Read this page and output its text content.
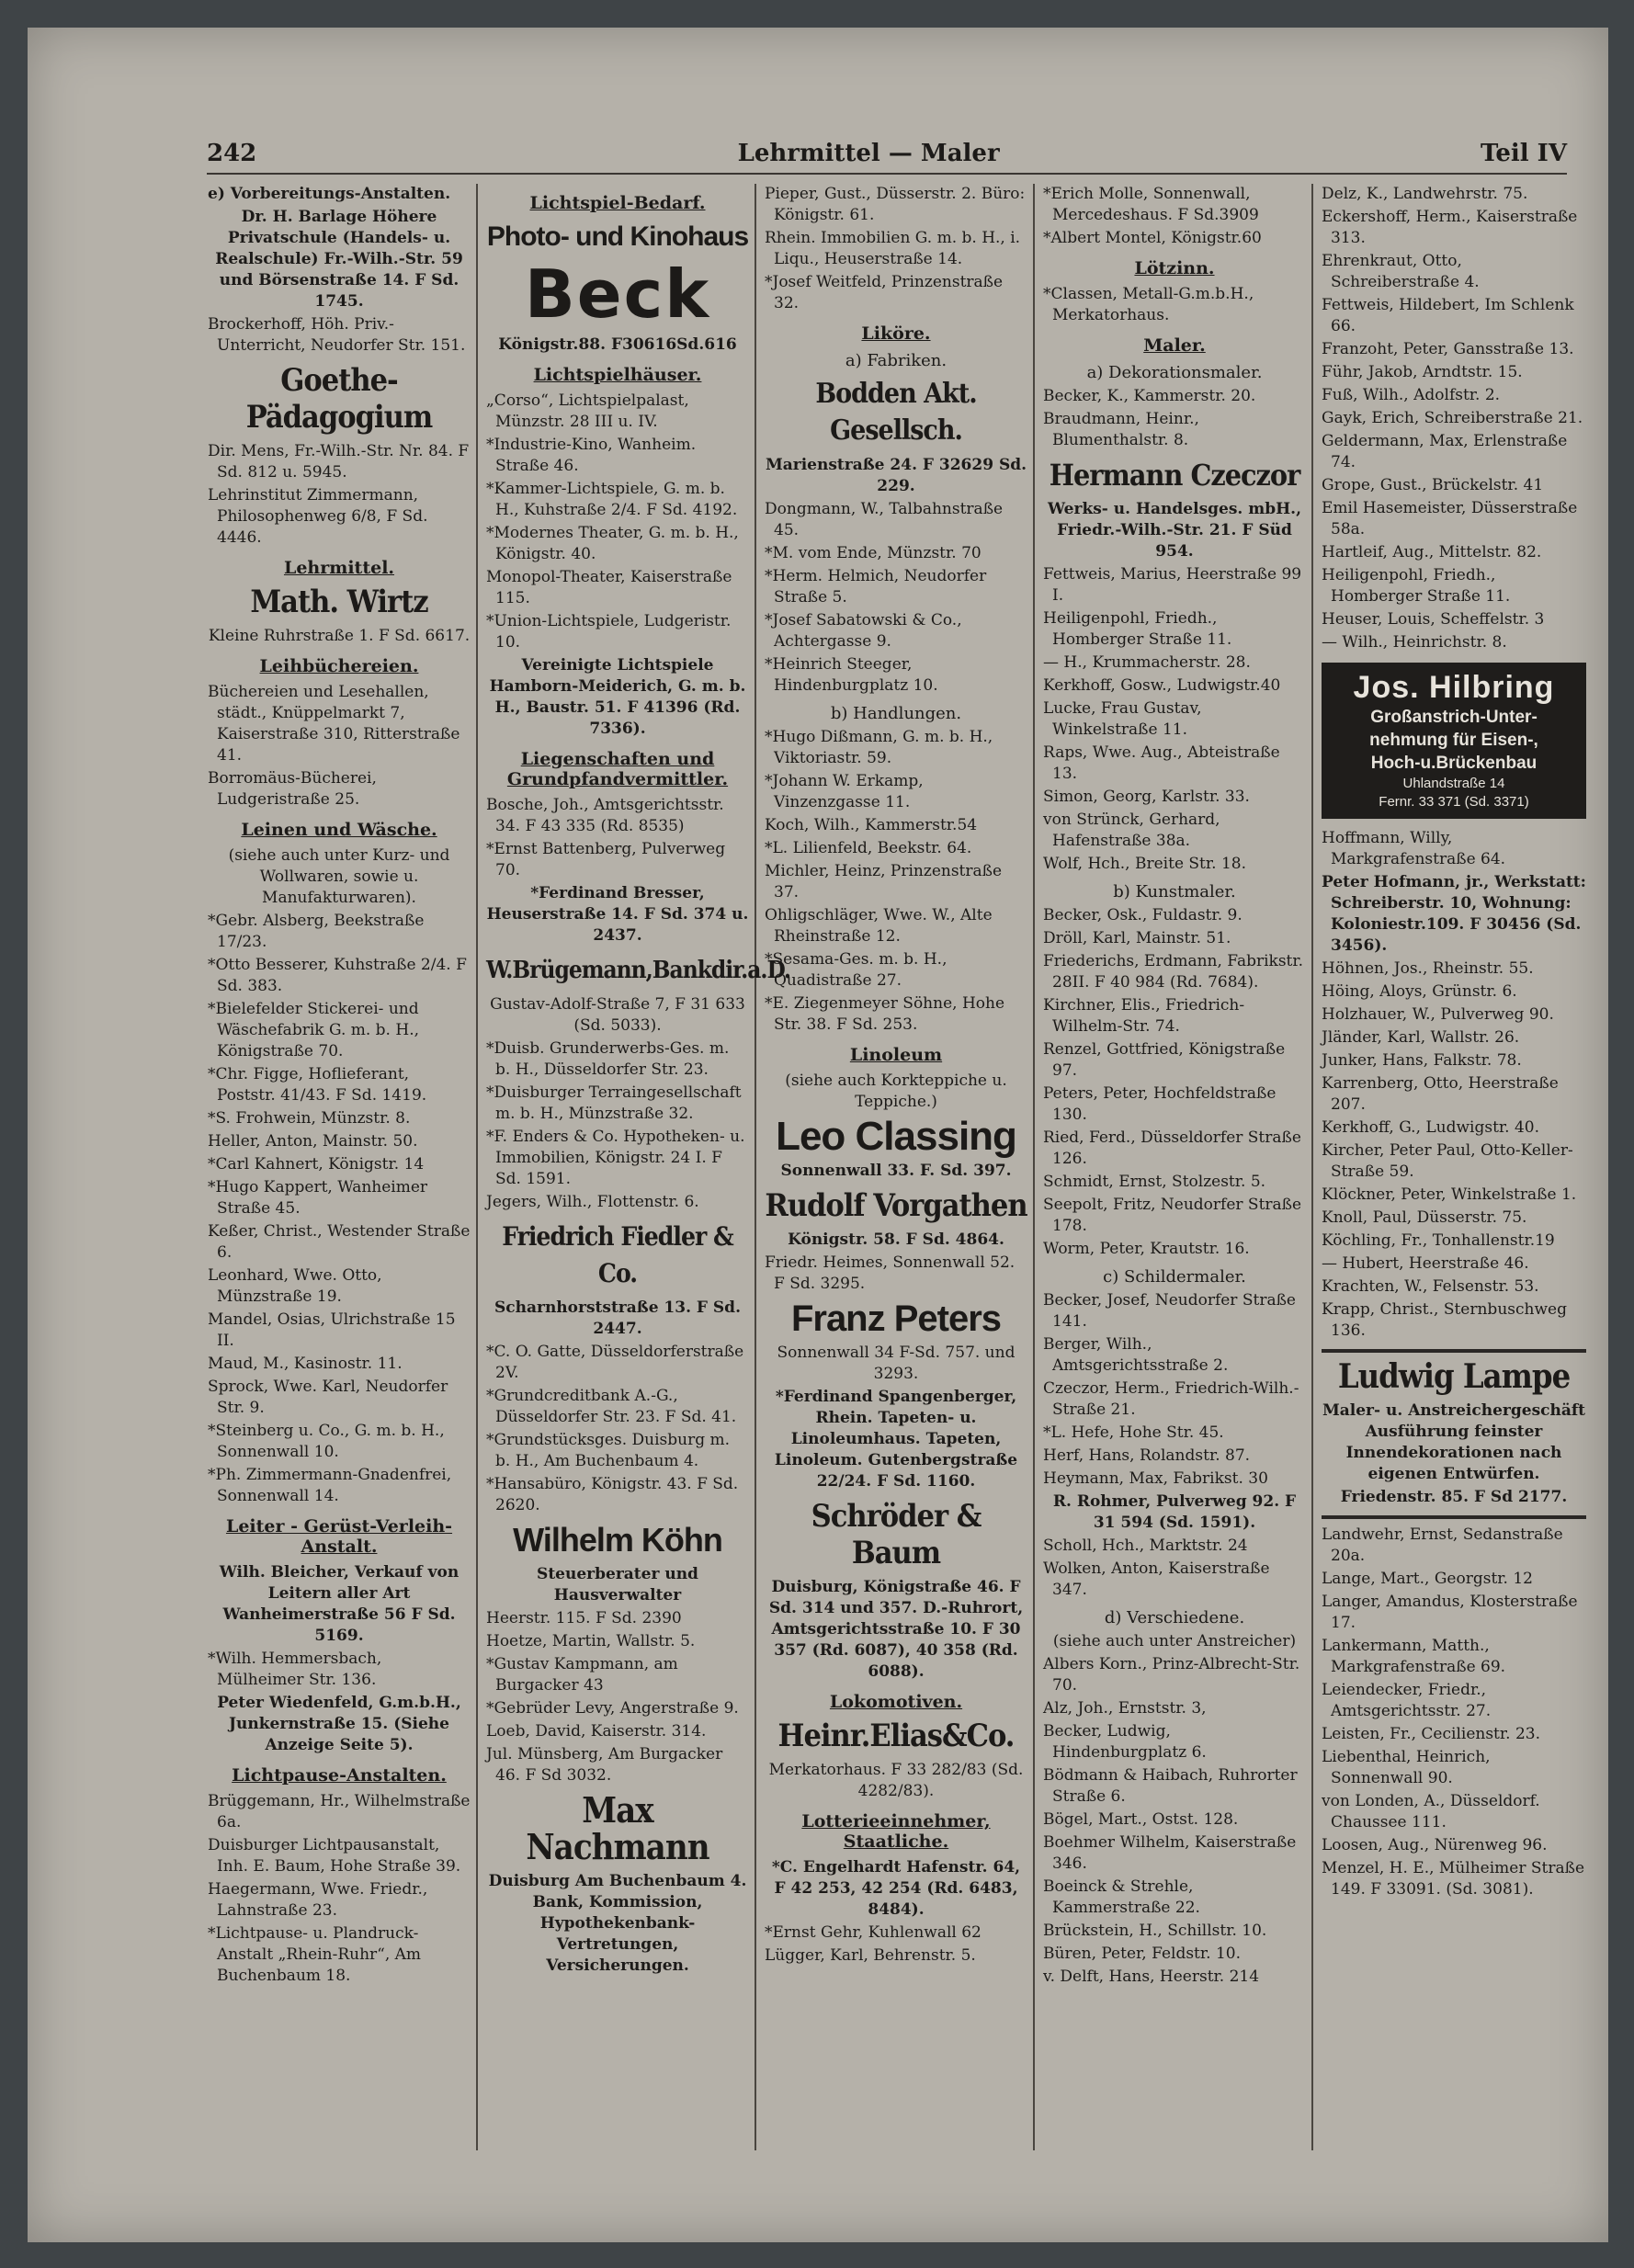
242	Lehrmittel — Maler	Teil IV
e) Vorbereitungs-Anstalten.
Dr. H. Barlage Höhere Privatschule (Handels- u. Realschule) Fr.-Wilh.-Str. 59 und Börsenstraße 14. F Sd. 1745.
Brockerhoff, Höh. Priv.-Unterricht, Neudorfer Str. 151.
Goethe-Pädagogium
Dir. Mens, Fr.-Wilh.-Str. Nr. 84. F Sd. 812 u. 5945.
Lehrinstitut Zimmermann, Philosophenweg 6/8, F Sd. 4446.
Lehrmittel.
Math. Wirtz
Kleine Ruhrstraße 1. F Sd. 6617.
Leihbüchereien.
Büchereien und Lesehallen, städt., Knüppelmarkt 7, Kaiserstraße 310, Ritterstraße 41.
Borromäus-Bücherei, Ludgeristraße 25.
Leinen und Wäsche.
(siehe auch unter Kurz- und Wollwaren, sowie u. Manufakturwaren).
*Gebr. Alsberg, Beekstraße 17/23.
*Otto Besserer, Kuhstraße 2/4. F Sd. 383.
*Bielefelder Stickerei- und Wäschefabrik G. m. b. H., Königstraße 70.
*Chr. Figge, Hoflieferant, Poststr. 41/43. F Sd. 1419.
*S. Frohwein, Münzstr. 8.
Heller, Anton, Mainstr. 50.
*Carl Kahnert, Königstr. 14
*Hugo Kappert, Wanheimer Straße 45.
Keßer, Christ., Westender Straße 6.
Leonhard, Wwe. Otto, Münzstraße 19.
Mandel, Osias, Ulrichstraße 15 II.
Maud, M., Kasinostr. 11.
Sprock, Wwe. Karl, Neudorfer Str. 9.
*Steinberg u. Co., G. m. b. H., Sonnenwall 10.
*Ph. Zimmermann-Gnadenfrei, Sonnenwall 14.
Leiter - Gerüst-Verleih-Anstalt.
Wilh. Bleicher, Verkauf von Leitern aller Art Wanheimerstraße 56 F Sd. 5169.
*Wilh. Hemmersbach, Mülheimer Str. 136.
Peter Wiedenfeld, G.m.b.H., Junkernstraße 15. (Siehe Anzeige Seite 5).
Lichtpause-Anstalten.
Brüggemann, Hr., Wilhelmstraße 6a.
Duisburger Lichtpausanstalt, Inh. E. Baum, Hohe Straße 39.
Haegermann, Wwe. Friedr., Lahnstraße 23.
*Lichtpause- u. Plandruck-Anstalt „Rhein-Ruhr“, Am Buchenbaum 18.
Lichtspiel-Bedarf.
Photo- und Kinohaus
Beck
Königstr.88. F30616Sd.616
Lichtspielhäuser.
„Corso“, Lichtspielpalast, Münzstr. 28 III u. IV.
*Industrie-Kino, Wanheim. Straße 46.
*Kammer-Lichtspiele, G. m. b. H., Kuhstraße 2/4. F Sd. 4192.
*Modernes Theater, G. m. b. H., Königstr. 40.
Monopol-Theater, Kaiserstraße 115.
*Union-Lichtspiele, Ludgeristr. 10.
Vereinigte Lichtspiele Hamborn-Meiderich, G. m. b. H., Baustr. 51. F 41396 (Rd. 7336).
Liegenschaften und Grundpfandvermittler.
Bosche, Joh., Amtsgerichtsstr. 34. F 43 335 (Rd. 8535)
*Ernst Battenberg, Pulverweg 70.
*Ferdinand Bresser, Heuserstraße 14. F Sd. 374 u. 2437.
W.Brügemann,Bankdir.a.D.
Gustav-Adolf-Straße 7, F 31 633 (Sd. 5033).
*Duisb. Grunderwerbs-Ges. m. b. H., Düsseldorfer Str. 23.
*Duisburger Terraingesellschaft m. b. H., Münzstraße 32.
*F. Enders & Co. Hypotheken- u. Immobilien, Königstr. 24 I. F Sd. 1591.
Jegers, Wilh., Flottenstr. 6.
Friedrich Fiedler & Co.
Scharnhorststraße 13. F Sd. 2447.
*C. O. Gatte, Düsseldorferstraße 2V.
*Grundcreditbank A.-G., Düsseldorfer Str. 23. F Sd. 41.
*Grundstücksges. Duisburg m. b. H., Am Buchenbaum 4.
*Hansabüro, Königstr. 43. F Sd. 2620.
Wilhelm Köhn
Steuerberater und Hausverwalter
Heerstr. 115. F Sd. 2390
Hoetze, Martin, Wallstr. 5.
*Gustav Kampmann, am Burgacker 43
*Gebrüder Levy, Angerstraße 9.
Loeb, David, Kaiserstr. 314.
Jul. Münsberg, Am Burgacker 46. F Sd 3032.
Max Nachmann
Duisburg Am Buchenbaum 4. Bank, Kommission, Hypothekenbank-Vertretungen, Versicherungen.
Pieper, Gust., Düsserstr. 2. Büro: Königstr. 61.
Rhein. Immobilien G. m. b. H., i. Liqu., Heuserstraße 14.
*Josef Weitfeld, Prinzenstraße 32.
Liköre.
a) Fabriken.
Bodden Akt. Gesellsch.
Marienstraße 24. F 32629 Sd. 229.
Dongmann, W., Talbahnstraße 45.
*M. vom Ende, Münzstr. 70
*Herm. Helmich, Neudorfer Straße 5.
*Josef Sabatowski & Co., Achtergasse 9.
*Heinrich Steeger, Hindenburgplatz 10.
b) Handlungen.
*Hugo Dißmann, G. m. b. H., Viktoriastr. 59.
*Johann W. Erkamp, Vinzenzgasse 11.
Koch, Wilh., Kammerstr.54
*L. Lilienfeld, Beekstr. 64.
Michler, Heinz, Prinzenstraße 37.
Ohligschläger, Wwe. W., Alte Rheinstraße 12.
*Sesama-Ges. m. b. H., Quadistraße 27.
*E. Ziegenmeyer Söhne, Hohe Str. 38. F Sd. 253.
Linoleum
(siehe auch Korkteppiche u. Teppiche.)
Leo Classing
Sonnenwall 33. F. Sd. 397.
Rudolf Vorgathen
Königstr. 58. F Sd. 4864.
Friedr. Heimes, Sonnenwall 52. F Sd. 3295.
Franz Peters
Sonnenwall 34 F-Sd. 757. und 3293.
*Ferdinand Spangenberger, Rhein. Tapeten- u. Linoleumhaus. Tapeten, Linoleum. Gutenbergstraße 22/24. F Sd. 1160.
Schröder & Baum
Duisburg, Königstraße 46. F Sd. 314 und 357. D.-Ruhrort, Amtsgerichtsstraße 10. F 30 357 (Rd. 6087), 40 358 (Rd. 6088).
Lokomotiven.
Heinr.Elias&Co.
Merkatorhaus. F 33 282/83 (Sd. 4282/83).
Lotterieeinnehmer, Staatliche.
*C. Engelhardt Hafenstr. 64, F 42 253, 42 254 (Rd. 6483, 8484).
*Ernst Gehr, Kuhlenwall 62
Lügger, Karl, Behrenstr. 5.
*Erich Molle, Sonnenwall, Mercedeshaus. F Sd.3909
*Albert Montel, Königstr.60
Lötzinn.
*Classen, Metall-G.m.b.H., Merkatorhaus.
Maler.
a) Dekorationsmaler.
Becker, K., Kammerstr. 20.
Braudmann, Heinr., Blumenthalstr. 8.
Hermann Czeczor
Werks- u. Handelsges. mbH., Friedr.-Wilh.-Str. 21. F Süd 954.
Fettweis, Marius, Heerstraße 99 I.
Heiligenpohl, Friedh., Homberger Straße 11.
— H., Krummacherstr. 28.
Kerkhoff, Gosw., Ludwigstr.40
Lucke, Frau Gustav, Winkelstraße 11.
Raps, Wwe. Aug., Abteistraße 13.
Simon, Georg, Karlstr. 33.
von Strünck, Gerhard, Hafenstraße 38a.
Wolf, Hch., Breite Str. 18.
b) Kunstmaler.
Becker, Osk., Fuldastr. 9.
Dröll, Karl, Mainstr. 51.
Friederichs, Erdmann, Fabrikstr. 28II. F 40 984 (Rd. 7684).
Kirchner, Elis., Friedrich-Wilhelm-Str. 74.
Renzel, Gottfried, Königstraße 97.
Peters, Peter, Hochfeldstraße 130.
Ried, Ferd., Düsseldorfer Straße 126.
Schmidt, Ernst, Stolzestr. 5.
Seepolt, Fritz, Neudorfer Straße 178.
Worm, Peter, Krautstr. 16.
c) Schildermaler.
Becker, Josef, Neudorfer Straße 141.
Berger, Wilh., Amtsgerichtsstraße 2.
Czeczor, Herm., Friedrich-Wilh.-Straße 21.
*L. Hefe, Hohe Str. 45.
Herf, Hans, Rolandstr. 87.
Heymann, Max, Fabrikst. 30
R. Rohmer, Pulverweg 92. F 31 594 (Sd. 1591).
Scholl, Hch., Marktstr. 24
Wolken, Anton, Kaiserstraße 347.
d) Verschiedene.
(siehe auch unter Anstreicher)
Albers Korn., Prinz-Albrecht-Str. 70.
Alz, Joh., Ernststr. 3,
Becker, Ludwig, Hindenburgplatz 6.
Bödmann & Haibach, Ruhrorter Straße 6.
Bögel, Mart., Ostst. 128.
Boehmer Wilhelm, Kaiserstraße 346.
Boeinck & Strehle, Kammerstraße 22.
Brückstein, H., Schillstr. 10.
Büren, Peter, Feldstr. 10.
v. Delft, Hans, Heerstr. 214
Delz, K., Landwehrstr. 75.
Eckershoff, Herm., Kaiserstraße 313.
Ehrenkraut, Otto, Schreiberstraße 4.
Fettweis, Hildebert, Im Schlenk 66.
Franzoht, Peter, Gansstraße 13.
Führ, Jakob, Arndtstr. 15.
Fuß, Wilh., Adolfstr. 2.
Gayk, Erich, Schreiberstraße 21.
Geldermann, Max, Erlenstraße 74.
Grope, Gust., Brückelstr. 41
Emil Hasemeister, Düsserstraße 58a.
Hartleif, Aug., Mittelstr. 82.
Heiligenpohl, Friedh., Homberger Straße 11.
Heuser, Louis, Scheffelstr. 3
— Wilh., Heinrichstr. 8.
Jos. Hilbring
Großanstrich-Unter-
nehmung für Eisen-,
Hoch-u.Brückenbau
Uhlandstraße 14
Fernr. 33 371 (Sd. 3371)
Hoffmann, Willy, Markgrafenstraße 64.
Peter Hofmann, jr., Werkstatt: Schreiberstr. 10, Wohnung: Koloniestr.109. F 30456 (Sd. 3456).
Höhnen, Jos., Rheinstr. 55.
Höing, Aloys, Grünstr. 6.
Holzhauer, W., Pulverweg 90.
Jländer, Karl, Wallstr. 26.
Junker, Hans, Falkstr. 78.
Karrenberg, Otto, Heerstraße 207.
Kerkhoff, G., Ludwigstr. 40.
Kircher, Peter Paul, Otto-Keller-Straße 59.
Klöckner, Peter, Winkelstraße 1.
Knoll, Paul, Düsserstr. 75.
Köchling, Fr., Tonhallenstr.19
— Hubert, Heerstraße 46.
Krachten, W., Felsenstr. 53.
Krapp, Christ., Sternbuschweg 136.
Ludwig Lampe
Maler- u. Anstreichergeschäft Ausführung feinster Innendekorationen nach eigenen Entwürfen.
Friedenstr. 85. F Sd 2177.
Landwehr, Ernst, Sedanstraße 20a.
Lange, Mart., Georgstr. 12
Langer, Amandus, Klosterstraße 17.
Lankermann, Matth., Markgrafenstraße 69.
Leiendecker, Friedr., Amtsgerichtsstr. 27.
Leisten, Fr., Cecilienstr. 23.
Liebenthal, Heinrich, Sonnenwall 90.
von Londen, A., Düsseldorf. Chaussee 111.
Loosen, Aug., Nürenweg 96.
Menzel, H. E., Mülheimer Straße 149. F 33091. (Sd. 3081).
